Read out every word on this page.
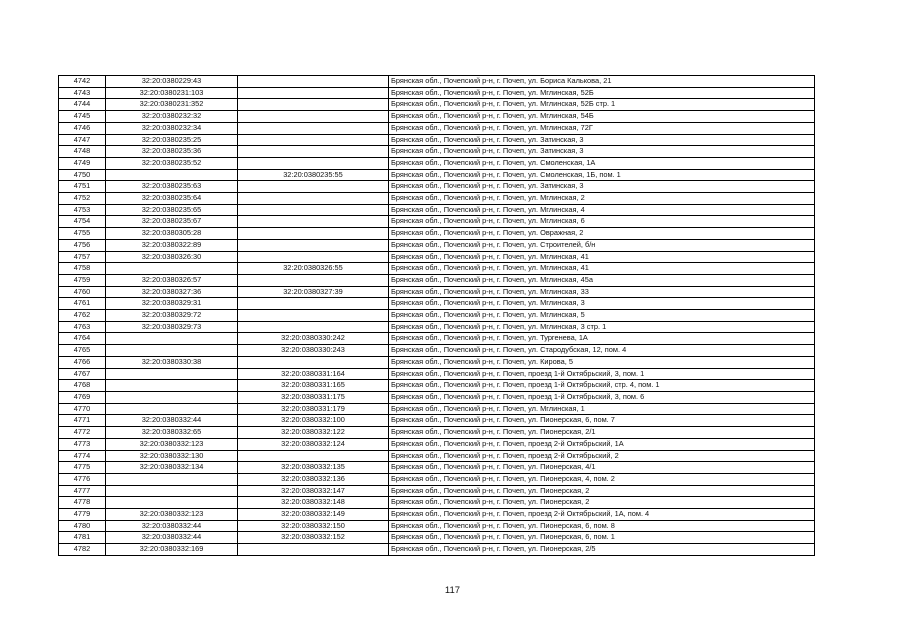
4742	32:20:0380229:43		Брянская обл., Почепский р-н, г. Почеп, ул. Бориса Калькова, 21
4743	32:20:0380231:103		Брянская обл., Почепский р-н, г. Почеп, ул. Мглинская, 52Б
4744	32:20:0380231:352		Брянская обл., Почепский р-н, г. Почеп, ул. Мглинская, 52Б стр. 1
4745	32:20:0380232:32		Брянская обл., Почепский р-н, г. Почеп, ул. Мглинская, 54Б
4746	32:20:0380232:34		Брянская обл., Почепский р-н, г. Почеп, ул. Мглинская, 72Г
4747	32:20:0380235:25		Брянская обл., Почепский р-н, г. Почеп, ул. Затинская, 3
4748	32:20:0380235:36		Брянская обл., Почепский р-н, г. Почеп, ул. Затинская, 3
4749	32:20:0380235:52		Брянская обл., Почепский р-н, г. Почеп, ул. Смоленская, 1А
4750		32:20:0380235:55	Брянская обл., Почепский р-н, г. Почеп, ул. Смоленская, 1Б, пом. 1
4751	32:20:0380235:63		Брянская обл., Почепский р-н, г. Почеп, ул. Затинская, 3
4752	32:20:0380235:64		Брянская обл., Почепский р-н, г. Почеп, ул. Мглинская, 2
4753	32:20:0380235:65		Брянская обл., Почепский р-н, г. Почеп, ул. Мглинская, 4
4754	32:20:0380235:67		Брянская обл., Почепский р-н, г. Почеп, ул. Мглинская, 6
4755	32:20:0380305:28		Брянская обл., Почепский р-н, г. Почеп, ул. Овражная, 2
4756	32:20:0380322:89		Брянская обл., Почепский р-н, г. Почеп, ул. Строителей, б/н
4757	32:20:0380326:30		Брянская обл., Почепский р-н, г. Почеп, ул. Мглинская, 41
4758		32:20:0380326:55	Брянская обл., Почепский р-н, г. Почеп, ул. Мглинская, 41
4759	32:20:0380326:57		Брянская обл., Почепский р-н, г. Почеп, ул. Мглинская, 45а
4760	32:20:0380327:36	32:20:0380327:39	Брянская обл., Почепский р-н, г. Почеп, ул. Мглинская, 33
4761	32:20:0380329:31		Брянская обл., Почепский р-н, г. Почеп, ул. Мглинская, 3
4762	32:20:0380329:72		Брянская обл., Почепский р-н, г. Почеп, ул. Мглинская, 5
4763	32:20:0380329:73		Брянская обл., Почепский р-н, г. Почеп, ул. Мглинская, 3 стр. 1
4764		32:20:0380330:242	Брянская обл., Почепский р-н, г. Почеп, ул. Тургенева, 1А
4765		32:20:0380330:243	Брянская обл., Почепский р-н, г. Почеп, ул. Стародубская, 12, пом. 4
4766	32:20:0380330:38		Брянская обл., Почепский р-н, г. Почеп, ул. Кирова, 5
4767		32:20:0380331:164	Брянская обл., Почепский р-н, г. Почеп, проезд 1-й Октябрьский, 3, пом. 1
4768		32:20:0380331:165	Брянская обл., Почепский р-н, г. Почеп, проезд 1-й Октябрьский, стр. 4, пом. 1
4769		32:20:0380331:175	Брянская обл., Почепский р-н, г. Почеп, проезд 1-й Октябрьский, 3, пом. 6
4770		32:20:0380331:179	Брянская обл., Почепский р-н, г. Почеп, ул. Мглинская, 1
4771	32:20:0380332:44	32:20:0380332:100	Брянская обл., Почепский р-н, г. Почеп, ул. Пионерская, 6, пом. 7
4772	32:20:0380332:65	32:20:0380332:122	Брянская обл., Почепский р-н, г. Почеп, ул. Пионерская, 2/1
4773	32:20:0380332:123	32:20:0380332:124	Брянская обл., Почепский р-н, г. Почеп, проезд 2-й Октябрьский, 1А
4774	32:20:0380332:130		Брянская обл., Почепский р-н, г. Почеп, проезд 2-й Октябрьский, 2
4775	32:20:0380332:134	32:20:0380332:135	Брянская обл., Почепский р-н, г. Почеп, ул. Пионерская, 4/1
4776		32:20:0380332:136	Брянская обл., Почепский р-н, г. Почеп, ул. Пионерская, 4, пом. 2
4777		32:20:0380332:147	Брянская обл., Почепский р-н, г. Почеп, ул. Пионерская, 2
4778		32:20:0380332:148	Брянская обл., Почепский р-н, г. Почеп, ул. Пионерская, 2
4779	32:20:0380332:123	32:20:0380332:149	Брянская обл., Почепский р-н, г. Почеп, проезд 2-й Октябрьский, 1А, пом. 4
4780	32:20:0380332:44	32:20:0380332:150	Брянская обл., Почепский р-н, г. Почеп, ул. Пионерская, 6, пом. 8
4781	32:20:0380332:44	32:20:0380332:152	Брянская обл., Почепский р-н, г. Почеп, ул. Пионерская, 6, пом. 1
4782	32:20:0380332:169		Брянская обл., Почепский р-н, г. Почеп, ул. Пионерская, 2/5
117
